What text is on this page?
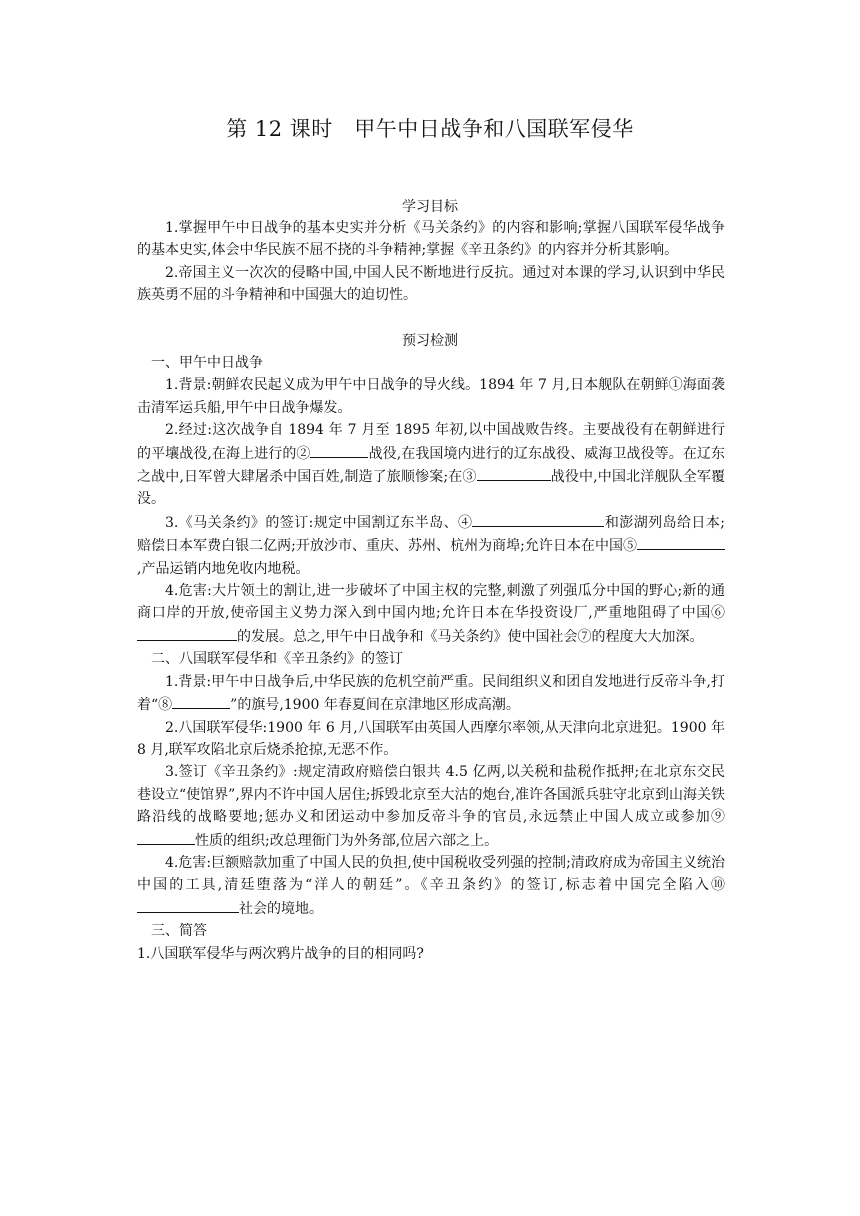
第 12 课时　甲午中日战争和八国联军侵华
学习目标

1.掌握甲午中日战争的基本史实并分析《马关条约》的内容和影响;掌握八国联军侵华战争的基本史实,体会中华民族不屈不挠的斗争精神;掌握《辛丑条约》的内容并分析其影响。

2.帝国主义一次次的侵略中国,中国人民不断地进行反抗。通过对本课的学习,认识到中华民族英勇不屈的斗争精神和中国强大的迫切性。

预习检测

一、甲午中日战争

1.背景:朝鲜农民起义成为甲午中日战争的导火线。1894 年 7 月,日本舰队在朝鲜①海面袭击清军运兵船,甲午中日战争爆发。

2.经过:这次战争自 1894 年 7 月至 1895 年初,以中国战败告终。主要战役有在朝鲜进行的平壤战役,在海上进行的②	战役,在我国境内进行的辽东战役、威海卫战役等。在辽东之战中,日军曾大肆屠杀中国百姓,制造了旅顺惨案;在③	战役中,中国北洋舰队全军覆没。

3.《马关条约》的签订:规定中国割辽东半岛、④	和澎湖列岛给日本;赔偿日本军费白银二亿两;开放沙市、重庆、苏州、杭州为商埠;允许日本在中国⑤,产品运销内地免收内地税。

4.危害:大片领土的割让,进一步破坏了中国主权的完整,刺激了列强瓜分中国的野心;新的通商口岸的开放,使帝国主义势力深入到中国内地;允许日本在华投资设厂,严重地阻碍了中国⑥的发展。总之,甲午中日战争和《马关条约》使中国社会⑦的程度大大加深。

二、八国联军侵华和《辛丑条约》的签订

1.背景:甲午中日战争后,中华民族的危机空前严重。民间组织义和团自发地进行反帝斗争,打着“⑧	”的旗号,1900 年春夏间在京津地区形成高潮。

2.八国联军侵华:1900 年 6 月,八国联军由英国人西摩尔率领,从天津向北京进犯。1900 年 8 月,联军攻陷北京后烧杀抢掠,无恶不作。

3.签订《辛丑条约》:规定清政府赔偿白银共 4.5 亿两,以关税和盐税作抵押;在北京东交民巷设立“使馆界”,界内不许中国人居住;拆毁北京至大沽的炮台,准许各国派兵驻守北京到山海关铁路沿线的战略要地;惩办义和团运动中参加反帝斗争的官员,永远禁止中国人成立或参加⑨性质的组织;改总理衙门为外务部,位居六部之上。

4.危害:巨额赔款加重了中国人民的负担,使中国税收受列强的控制;清政府成为帝国主义统治中国的工具,清廷堕落为“洋人的朝廷”。《辛丑条约》的签订,标志着中国完全陷入⑩社会的境地。

三、简答

1.八国联军侵华与两次鸦片战争的目的相同吗?
